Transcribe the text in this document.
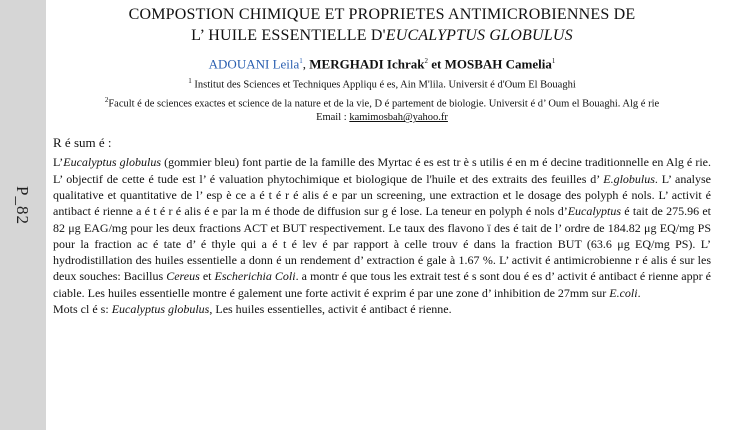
P_82
COMPOSTION CHIMIQUE ET PROPRIETES ANTIMICROBIENNES DE
L’ HUILE ESSENTIELLE D'EUCALYPTUS GLOBULUS
ADOUANI Leila$^1$, MERGHADI Ichrak$^2$ et MOSBAH Camelia$^1$
$^1$ Institut des Sciences et Techniques Appliqu é es, Ain M'lila. Universit é d'Oum El Bouaghi
$^2$Facult é de sciences exactes et science de la nature et de la vie, D é partement de biologie. Universit é d’ Oum el Bouaghi. Alg é rie
Email : kamimosbah@yahoo.fr
R é sum é :
L’Eucalyptus globulus (gommier bleu) font partie de la famille des Myrtac é es est tr è s utilis é en m é decine traditionnelle en Alg é rie. L’ objectif de cette é tude est l’ é valuation phytochimique et biologique de l'huile et des extraits des feuilles d’ E.globulus. L’ analyse qualitative et quantitative de l’ esp è ce a é t é r é alis é e par un screening, une extraction et le dosage des polyph é nols. L’ activit é antibact é rienne a é t é r é alis é e par la m é thode de diffusion sur g é lose. La teneur en polyph é nols d’Eucalyptus é tait de 275.96 et 82 μg EAG/mg pour les deux fractions ACT et BUT respectivement. Le taux des flavono ï des é tait de l’ ordre de 184.82 μg EQ/mg PS pour la fraction ac é tate d’ é thyle qui a é t é lev é par rapport à celle trouv é dans la fraction BUT (63.6 μg EQ/mg PS). L’ hydrodistillation des huiles essentielle a donn é un rendement d’ extraction é gale à 1.67 %. L’ activit é antimicrobienne r é alis é sur les deux souches: Bacillus Cereus et Escherichia Coli. a montr é que tous les extrait test é s sont dou é es d’ activit é antibact é rienne appr é ciable. Les huiles essentielle montre é galement une forte activit é exprim é par une zone d’ inhibition de 27mm sur E.coli.
Mots cl é s: Eucalyptus globulus, Les huiles essentielles, activit é antibact é rienne.
